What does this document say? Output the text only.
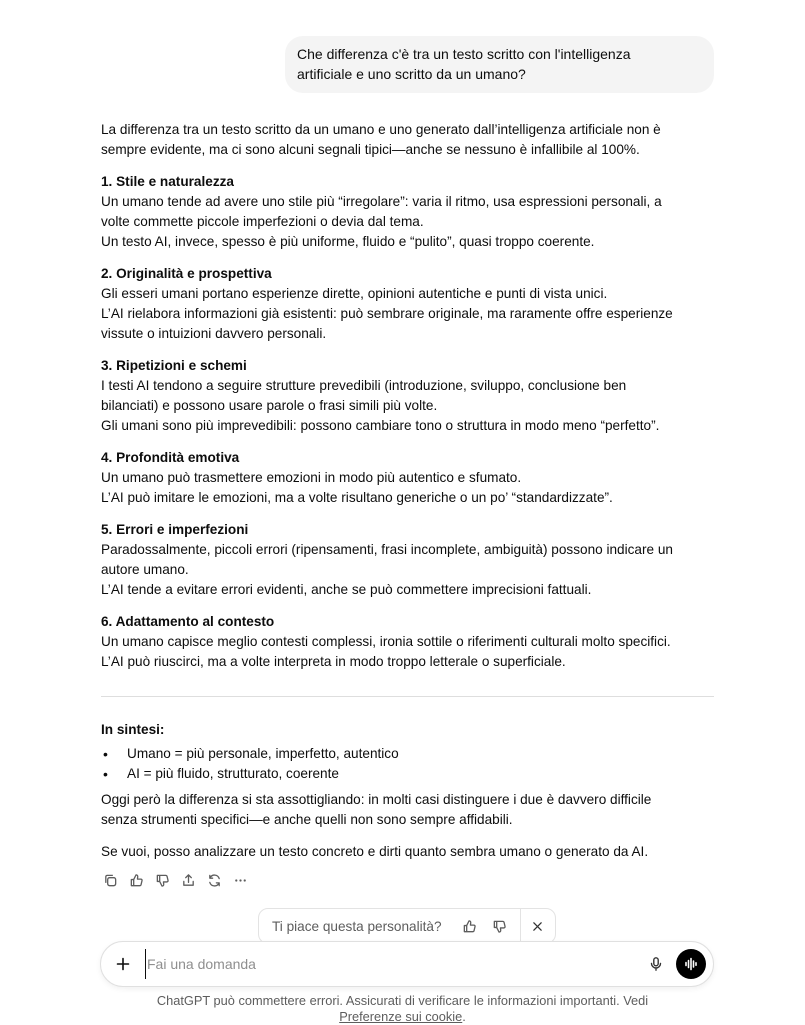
Che differenza c'è tra un testo scritto con l'intelligenza
artificiale e uno scritto da un umano?

La differenza tra un testo scritto da un umano e uno generato dall’intelligenza artificiale non è
sempre evidente, ma ci sono alcuni segnali tipici—anche se nessuno è infallibile al 100%.

1. Stile e naturalezza
Un umano tende ad avere uno stile più “irregolare”: varia il ritmo, usa espressioni personali, a
volte commette piccole imperfezioni o devia dal tema.
Un testo AI, invece, spesso è più uniforme, fluido e “pulito”, quasi troppo coerente.
2. Originalità e prospettiva
Gli esseri umani portano esperienze dirette, opinioni autentiche e punti di vista unici.
L’AI rielabora informazioni già esistenti: può sembrare originale, ma raramente offre esperienze
vissute o intuizioni davvero personali.
3. Ripetizioni e schemi
I testi AI tendono a seguire strutture prevedibili (introduzione, sviluppo, conclusione ben
bilanciati) e possono usare parole o frasi simili più volte.
Gli umani sono più imprevedibili: possono cambiare tono o struttura in modo meno “perfetto”.
4. Profondità emotiva
Un umano può trasmettere emozioni in modo più autentico e sfumato.
L’AI può imitare le emozioni, ma a volte risultano generiche o un po’ “standardizzate”.
5. Errori e imperfezioni
Paradossalmente, piccoli errori (ripensamenti, frasi incomplete, ambiguità) possono indicare un
autore umano.
L’AI tende a evitare errori evidenti, anche se può commettere imprecisioni fattuali.
6. Adattamento al contesto
Un umano capisce meglio contesti complessi, ironia sottile o riferimenti culturali molto specifici.
L’AI può riuscirci, ma a volte interpreta in modo troppo letterale o superficiale.
In sintesi:
• Umano = più personale, imperfetto, autentico
• AI = più fluido, strutturato, coerente

Oggi però la differenza si sta assottigliando: in molti casi distinguere i due è davvero difficile
senza strumenti specifici—e anche quelli non sono sempre affidabili.

Se vuoi, posso analizzare un testo concreto e dirti quanto sembra umano o generato da AI.

Ti piace questa personalità?
Fai una domanda
ChatGPT può commettere errori. Assicurati di verificare le informazioni importanti. Vedi
Preferenze sui cookie.
